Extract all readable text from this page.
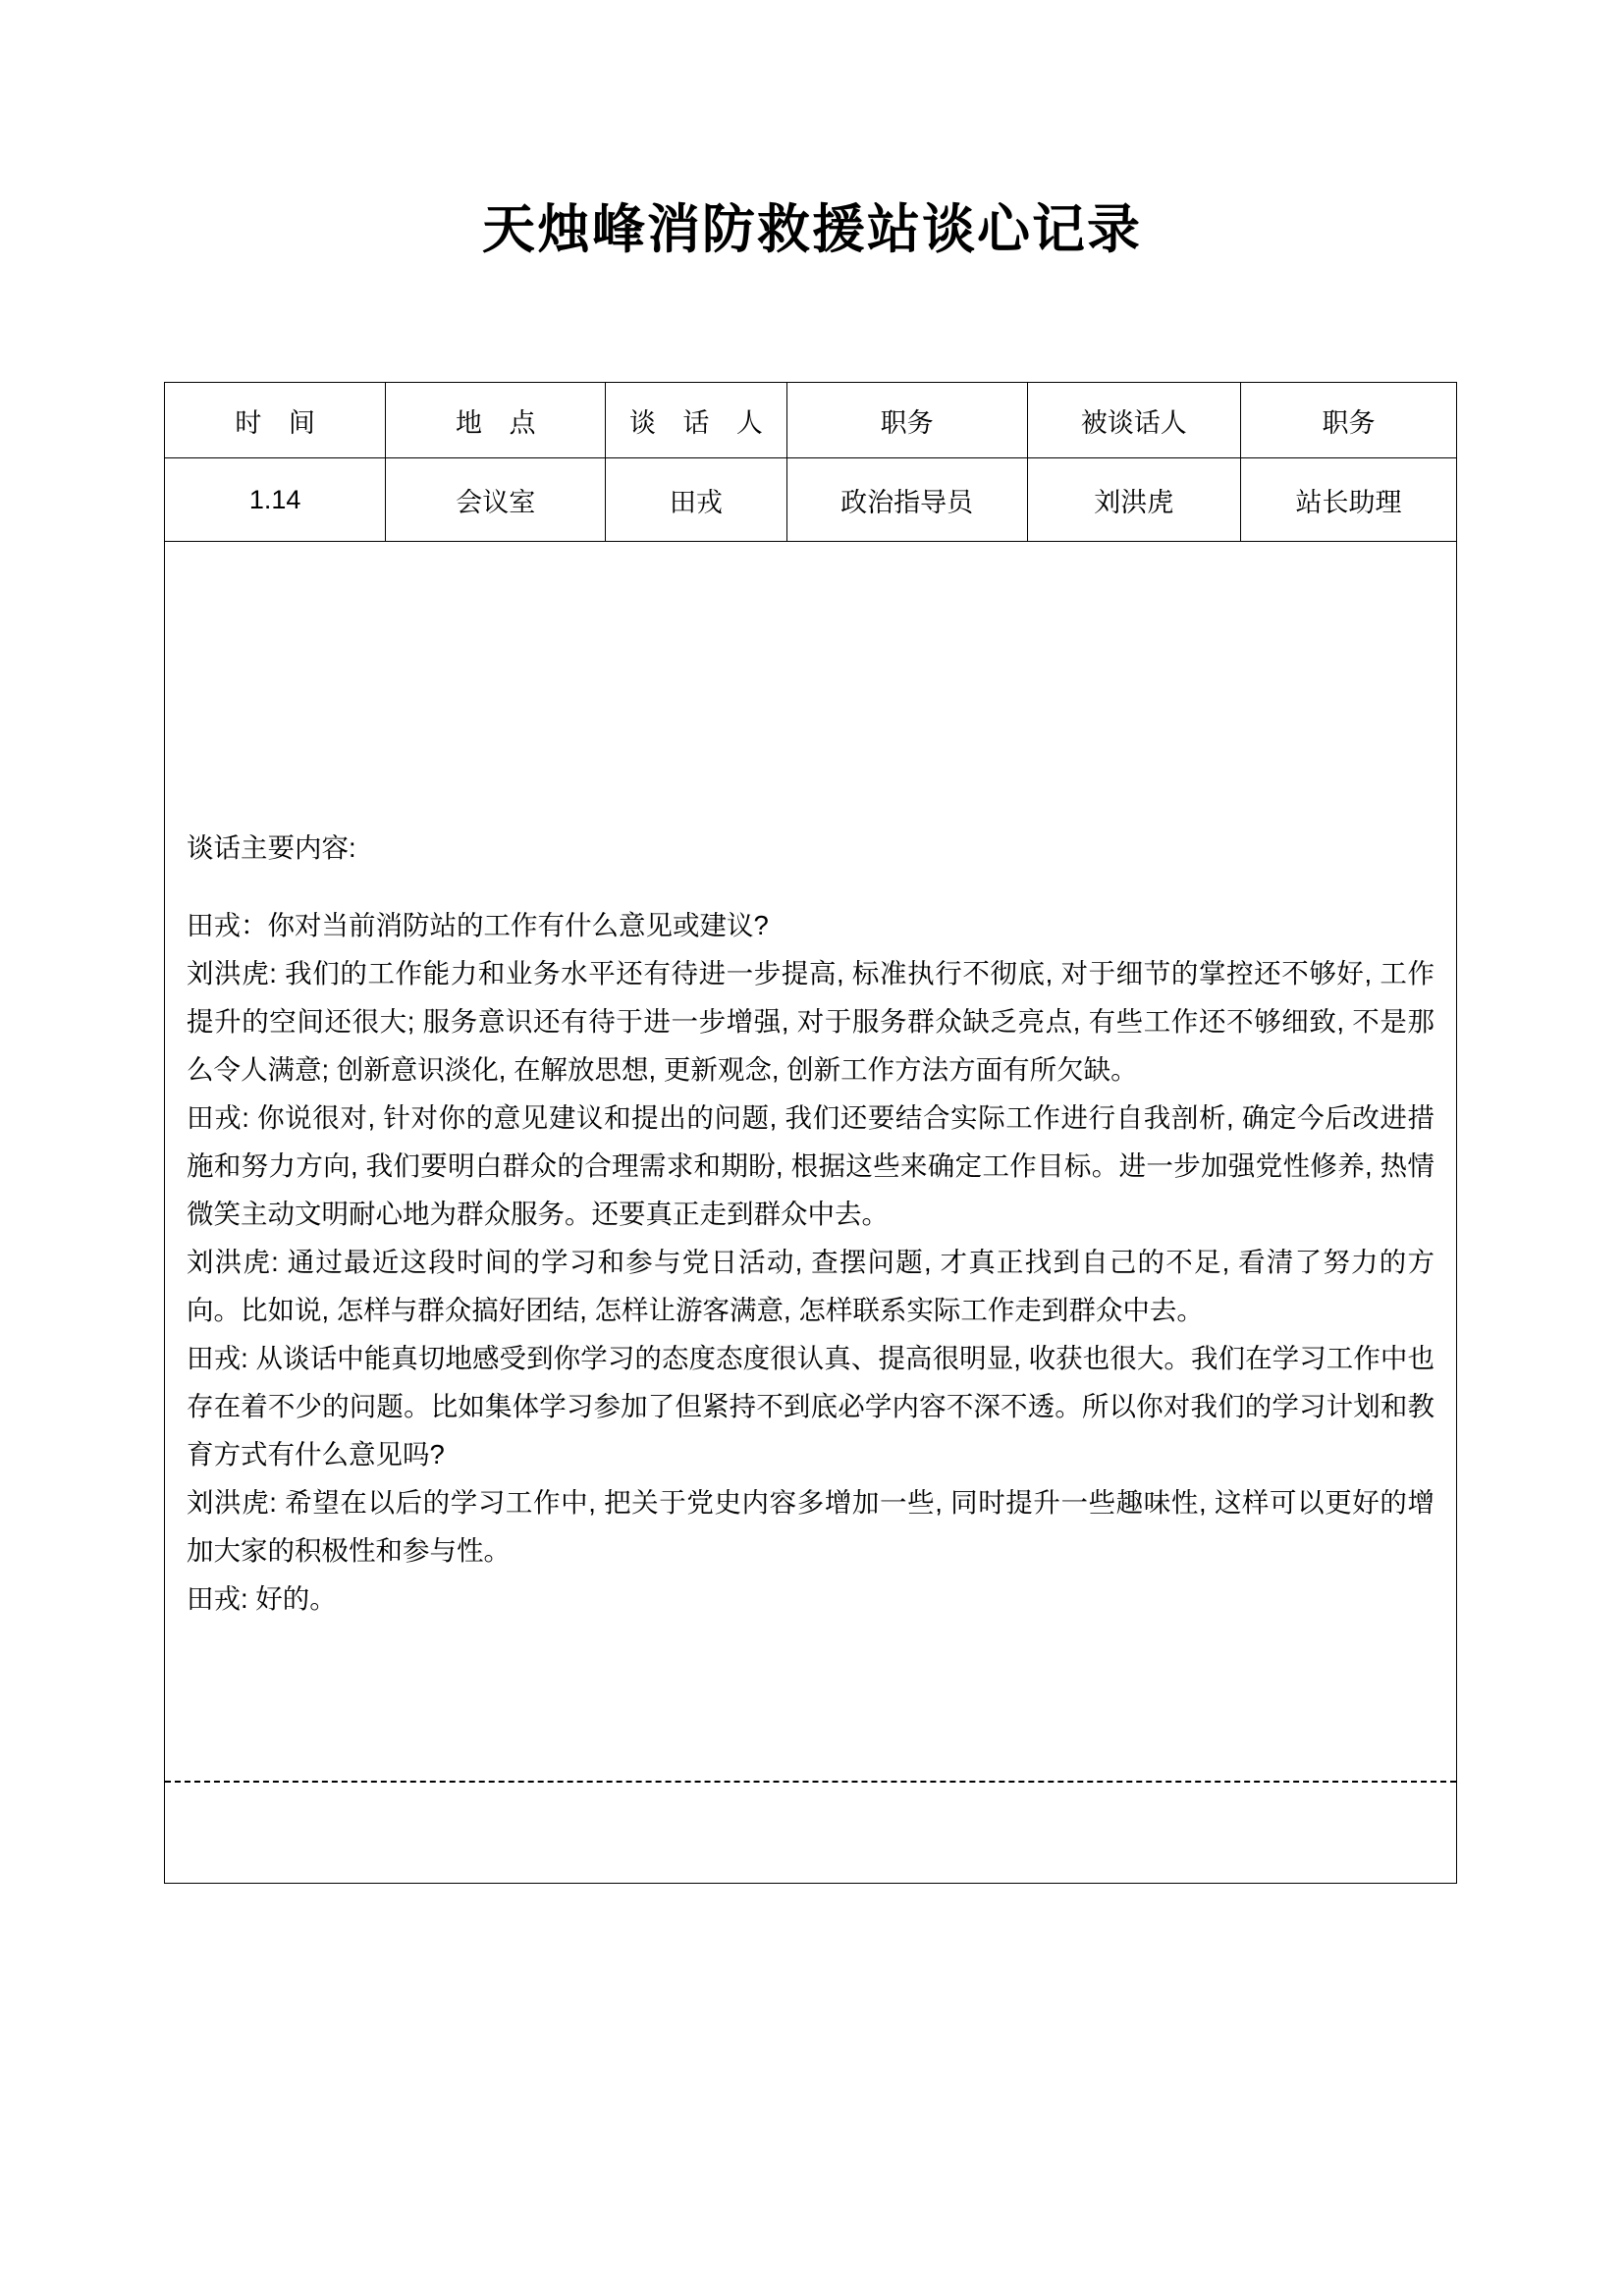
天烛峰消防救援站谈心记录
时 间	地 点	谈 话 人	职务	被谈话人	职务
1.14	会议室	田戎	政治指导员	刘洪虎	站长助理

谈话主要内容:
田戎：你对当前消防站的工作有什么意见或建议?
刘洪虎: 我们的工作能力和业务水平还有待进一步提高, 标准执行不彻底, 对于细节的掌控还不够好, 工作提升的空间还很大; 服务意识还有待于进一步增强, 对于服务群众缺乏亮点, 有些工作还不够细致, 不是那么令人满意; 创新意识淡化, 在解放思想, 更新观念, 创新工作方法方面有所欠缺。
田戎: 你说很对, 针对你的意见建议和提出的问题, 我们还要结合实际工作进行自我剖析, 确定今后改进措施和努力方向, 我们要明白群众的合理需求和期盼, 根据这些来确定工作目标。进一步加强党性修养, 热情微笑主动文明耐心地为群众服务。还要真正走到群众中去。
刘洪虎: 通过最近这段时间的学习和参与党日活动, 查摆问题, 才真正找到自己的不足, 看清了努力的方向。比如说, 怎样与群众搞好团结, 怎样让游客满意, 怎样联系实际工作走到群众中去。
田戎: 从谈话中能真切地感受到你学习的态度态度很认真、提高很明显, 收获也很大。我们在学习工作中也存在着不少的问题。比如集体学习参加了但紧持不到底必学内容不深不透。所以你对我们的学习计划和教育方式有什么意见吗?
刘洪虎: 希望在以后的学习工作中, 把关于党史内容多增加一些, 同时提升一些趣味性, 这样可以更好的增加大家的积极性和参与性。
田戎: 好的。
